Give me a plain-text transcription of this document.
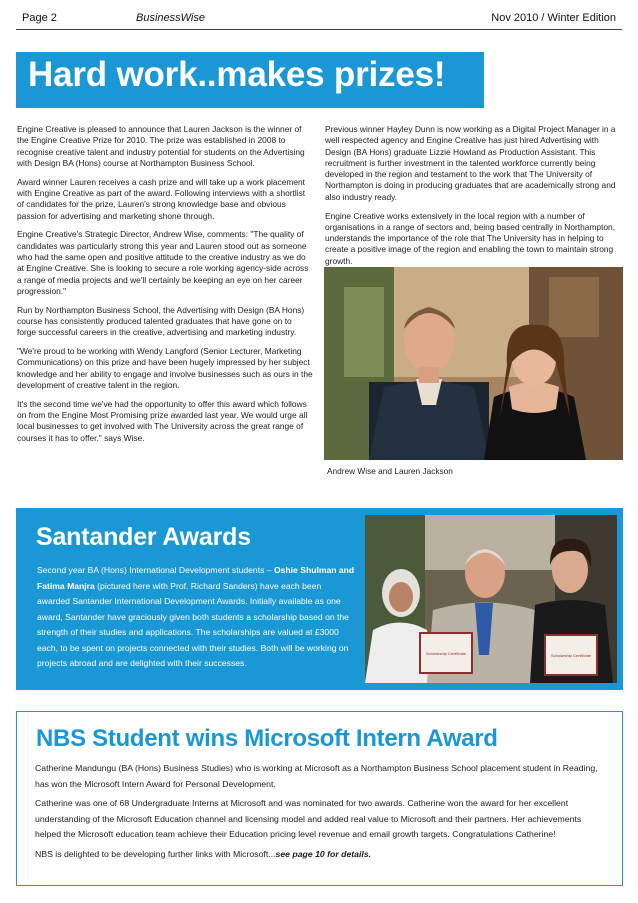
Page 2	BusinessWise	Nov 2010 / Winter Edition
Hard work..makes prizes!

Engine Creative is pleased to announce that Lauren Jackson is the winner of the Engine Creative Prize for 2010. The prize was established in 2008 to recognise creative talent and industry potential for students on the Advertising with Design BA (Hons) course at Northampton Business School.

Award winner Lauren receives a cash prize and will take up a work placement with Engine Creative as part of the award. Following interviews with a shortlist of candidates for the prize, Lauren's strong knowledge base and obvious passion for advertising and marketing shone through.

Engine Creative's Strategic Director, Andrew Wise, comments: "The quality of candidates was particularly strong this year and Lauren stood out as someone who had the same open and positive attitude to the creative industry as we do at Engine Creative. She is looking to secure a role working agency-side across a range of media projects and we'll certainly be keeping an eye on her career progression."

Run by Northampton Business School, the Advertising with Design (BA Hons) course has consistently produced talented graduates that have gone on to forge successful careers in the creative, advertising and marketing industry.

"We're proud to be working with Wendy Langford (Senior Lecturer, Marketing Communications) on this prize and have been hugely impressed by her subject knowledge and her ability to engage and involve businesses such as ours in the development of creative talent in the region.

It's the second time we've had the opportunity to offer this award which follows on from the Engine Most Promising prize awarded last year. We would urge all local businesses to get involved with The University across the great range of courses it has to offer." says Wise.

Previous winner Hayley Dunn is now working as a Digital Project Manager in a well respected agency and Engine Creative has just hired Advertising with Design (BA Hons) graduate Lizzie Howland as Production Assistant. This recruitment is further investment in the talented workforce currently being developed in the region and testament to the work that The University of Northampton is doing in producing graduates that are academically strong and also industry ready.

Engine Creative works extensively in the local region with a number of organisations in a range of sectors and, being based centrally in Northampton, understands the importance of the role that The University has in helping to create a positive image of the region and enabling the town to maintain strong growth.

Andrew Wise and Lauren Jackson
Santander Awards
Second year BA (Hons) International Development students – Oshie Shulman and Fatima Manjra (pictured here with Prof. Richard Sanders) have each been awarded Santander International Development Awards. Initially available as one award, Santander have graciously given both students a scholarship based on the strength of their studies and applications. The scholarships are valued at £3000 each, to be spent on projects connected with their studies. Both will be working on projects abroad and are delighted with their successes.
Scholarship Certificate	Scholarship Certificate
NBS Student wins Microsoft Intern Award

Catherine Mandungu (BA (Hons) Business Studies) who is working at Microsoft as a Northampton Business School placement student in Reading, has won the Microsoft Intern Award for Personal Development.

Catherine was one of 68 Undergraduate Interns at Microsoft and was nominated for two awards. Catherine won the award for her excellent understanding of the Microsoft Education channel and licensing model and added real value to Microsoft and their partners. Her achievements helped the Microsoft education team achieve their Education pricing level revenue and email growth targets. Congratulations Catherine!

NBS is delighted to be developing further links with Microsoft...see page 10 for details.
